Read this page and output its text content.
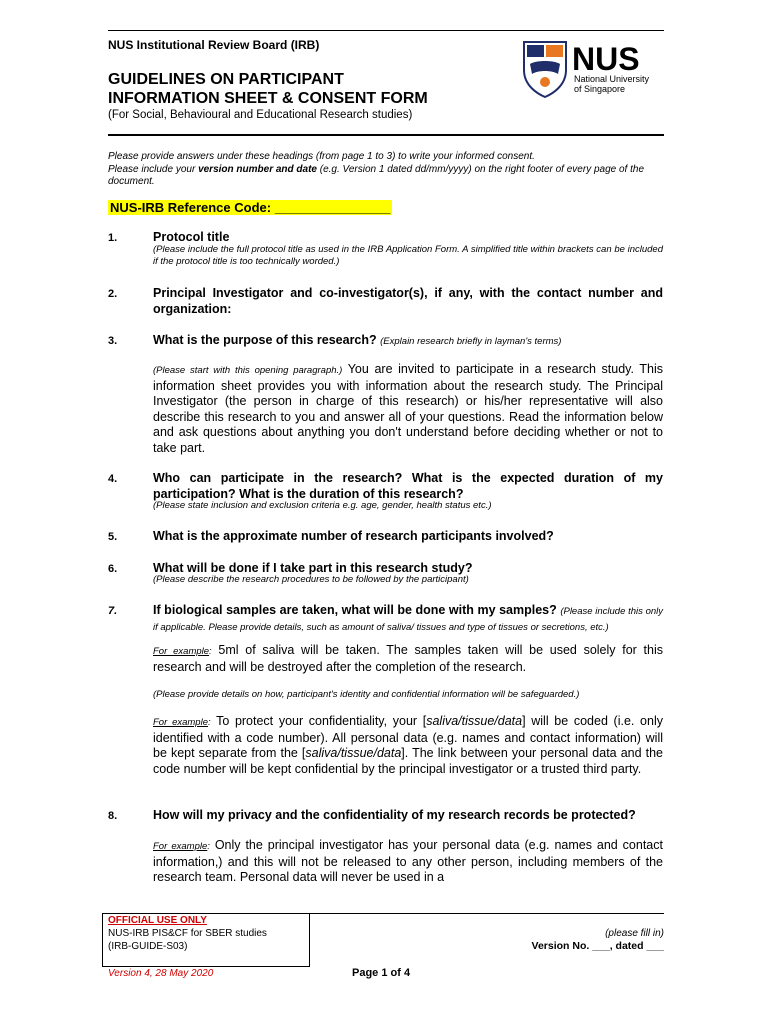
NUS Institutional Review Board (IRB)	NUS
National University
of Singapore
GUIDELINES ON PARTICIPANT
INFORMATION SHEET & CONSENT FORM
(For Social, Behavioural and Educational Research studies)
Please provide answers under these headings (from page 1 to 3) to write your informed consent.
Please include your version number and date (e.g. Version 1 dated dd/mm/yyyy) on the right footer of every page of the document.
NUS-IRB Reference Code: ________________
1.	Protocol title
(Please include the full protocol title as used in the IRB Application Form. A simplified title within brackets can be included if the protocol title is too technically worded.)
2.	Principal Investigator and co-investigator(s), if any, with the contact number and organization:
3.	What is the purpose of this research? (Explain research briefly in layman's terms)
(Please start with this opening paragraph.) You are invited to participate in a research study. This information sheet provides you with information about the research study. The Principal Investigator (the person in charge of this research) or his/her representative will also describe this research to you and answer all of your questions. Read the information below and ask questions about anything you don't understand before deciding whether or not to take part.
4.	Who can participate in the research? What is the expected duration of my participation? What is the duration of this research?
(Please state inclusion and exclusion criteria e.g. age, gender, health status etc.)
5.	What is the approximate number of research participants involved?
6.	What will be done if I take part in this research study?
(Please describe the research procedures to be followed by the participant)
7.	If biological samples are taken, what will be done with my samples? (Please include this only if applicable. Please provide details, such as amount of saliva/ tissues and type of tissues or secretions, etc.)
For example: 5ml of saliva will be taken. The samples taken will be used solely for this research and will be destroyed after the completion of the research.
(Please provide details on how, participant's identity and confidential information will be safeguarded.)
For example: To protect your confidentiality, your [saliva/tissue/data] will be coded (i.e. only identified with a code number). All personal data (e.g. names and contact information) will be kept separate from the [saliva/tissue/data]. The link between your personal data and the code number will be kept confidential by the principal investigator or a trusted third party.
8.	How will my privacy and the confidentiality of my research records be protected?
For example: Only the principal investigator has your personal data (e.g. names and contact information,) and this will not be released to any other person, including members of the research team. Personal data will never be used in a
OFFICIAL USE ONLY
NUS-IRB PIS&CF for SBER studies
(IRB-GUIDE-S03)
(please fill in)
Version No. ___, dated ___
Version 4, 28 May 2020	Page 1 of 4
